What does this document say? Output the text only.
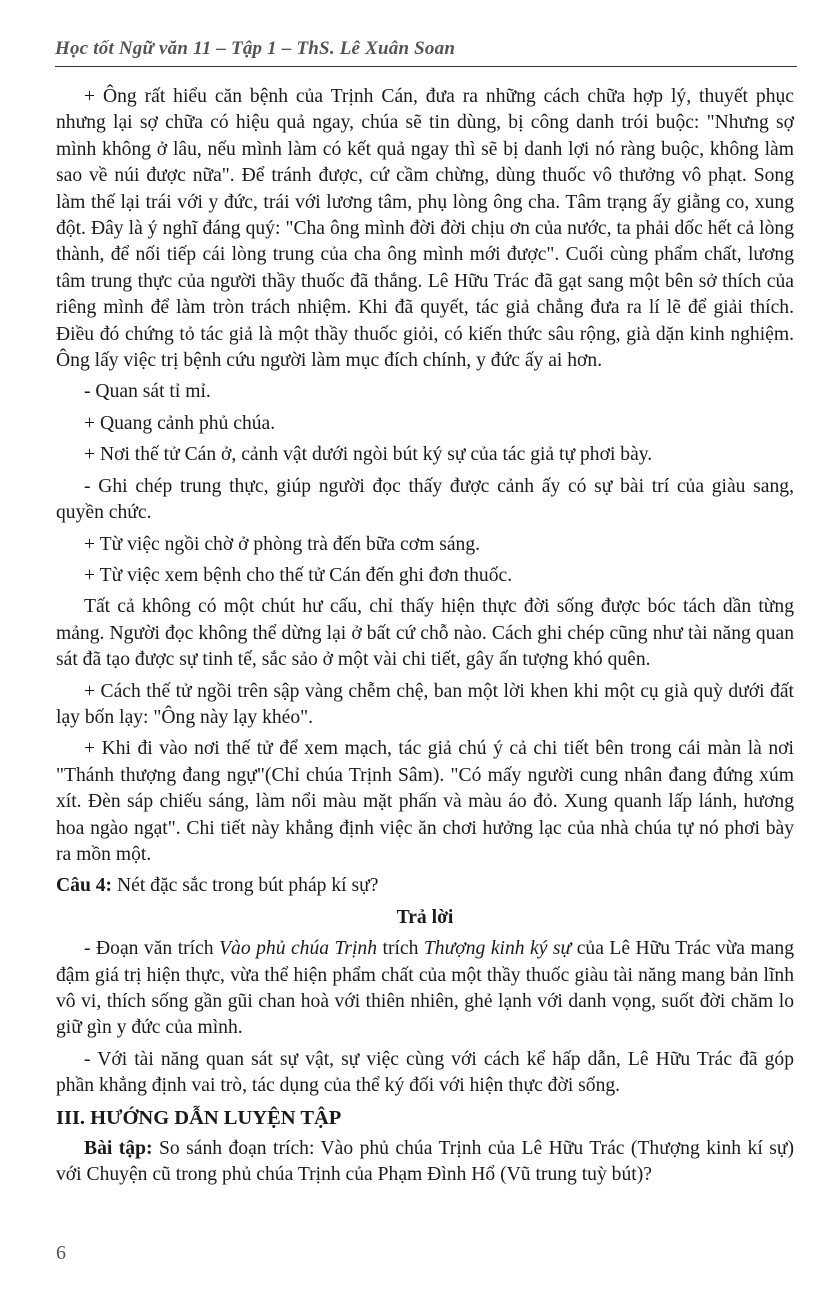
Học tốt Ngữ văn 11 – Tập 1 – ThS. Lê Xuân Soan

+ Ông rất hiểu căn bệnh của Trịnh Cán, đưa ra những cách chữa hợp lý, thuyết phục nhưng lại sợ chữa có hiệu quả ngay, chúa sẽ tin dùng, bị công danh trói buộc: "Nhưng sợ mình không ở lâu, nếu mình làm có kết quả ngay thì sẽ bị danh lợi nó ràng buộc, không làm sao về núi được nữa". Để tránh được, cứ cầm chừng, dùng thuốc vô thưởng vô phạt. Song làm thế lại trái với y đức, trái với lương tâm, phụ lòng ông cha. Tâm trạng ấy giằng co, xung đột. Đây là ý nghĩ đáng quý: "Cha ông mình đời đời chịu ơn của nước, ta phải dốc hết cả lòng thành, để nối tiếp cái lòng trung của cha ông mình mới được". Cuối cùng phẩm chất, lương tâm trung thực của người thầy thuốc đã thắng. Lê Hữu Trác đã gạt sang một bên sở thích của riêng mình để làm tròn trách nhiệm. Khi đã quyết, tác giả chẳng đưa ra lí lẽ để giải thích. Điều đó chứng tỏ tác giả là một thầy thuốc giỏi, có kiến thức sâu rộng, già dặn kinh nghiệm. Ông lấy việc trị bệnh cứu người làm mục đích chính, y đức ấy ai hơn.

- Quan sát tỉ mỉ.

+ Quang cảnh phủ chúa.

+ Nơi thế tử Cán ở, cảnh vật dưới ngòi bút ký sự của tác giả tự phơi bày.

- Ghi chép trung thực, giúp người đọc thấy được cảnh ấy có sự bài trí của giàu sang, quyền chức.

+ Từ việc ngồi chờ ở phòng trà đến bữa cơm sáng.

+ Từ việc xem bệnh cho thế tử Cán đến ghi đơn thuốc.

Tất cả không có một chút hư cấu, chỉ thấy hiện thực đời sống được bóc tách dần từng mảng. Người đọc không thể dừng lại ở bất cứ chỗ nào. Cách ghi chép cũng như tài năng quan sát đã tạo được sự tinh tế, sắc sảo ở một vài chi tiết, gây ấn tượng khó quên.

+ Cách thế tử ngồi trên sập vàng chễm chệ, ban một lời khen khi một cụ già quỳ dưới đất lạy bốn lạy: "Ông này lạy khéo".

+ Khi đi vào nơi thế tử để xem mạch, tác giả chú ý cả chi tiết bên trong cái màn là nơi "Thánh thượng đang ngự"(Chỉ chúa Trịnh Sâm). "Có mấy người cung nhân đang đứng xúm xít. Đèn sáp chiếu sáng, làm nổi màu mặt phấn và màu áo đỏ. Xung quanh lấp lánh, hương hoa ngào ngạt". Chi tiết này khẳng định việc ăn chơi hưởng lạc của nhà chúa tự nó phơi bày ra mồn một.

Câu 4: Nét đặc sắc trong bút pháp kí sự?

Trả lời

- Đoạn văn trích Vào phủ chúa Trịnh trích Thượng kinh ký sự của Lê Hữu Trác vừa mang đậm giá trị hiện thực, vừa thể hiện phẩm chất của một thầy thuốc giàu tài năng mang bản lĩnh vô vi, thích sống gần gũi chan hoà với thiên nhiên, ghẻ lạnh với danh vọng, suốt đời chăm lo giữ gìn y đức của mình.

- Với tài năng quan sát sự vật, sự việc cùng với cách kể hấp dẫn, Lê Hữu Trác đã góp phần khẳng định vai trò, tác dụng của thể ký đối với hiện thực đời sống.

III. HƯỚNG DẪN LUYỆN TẬP

Bài tập: So sánh đoạn trích: Vào phủ chúa Trịnh của Lê Hữu Trác (Thượng kinh kí sự) với Chuyện cũ trong phủ chúa Trịnh của Phạm Đình Hổ (Vũ trung tuỳ bút)?

6
